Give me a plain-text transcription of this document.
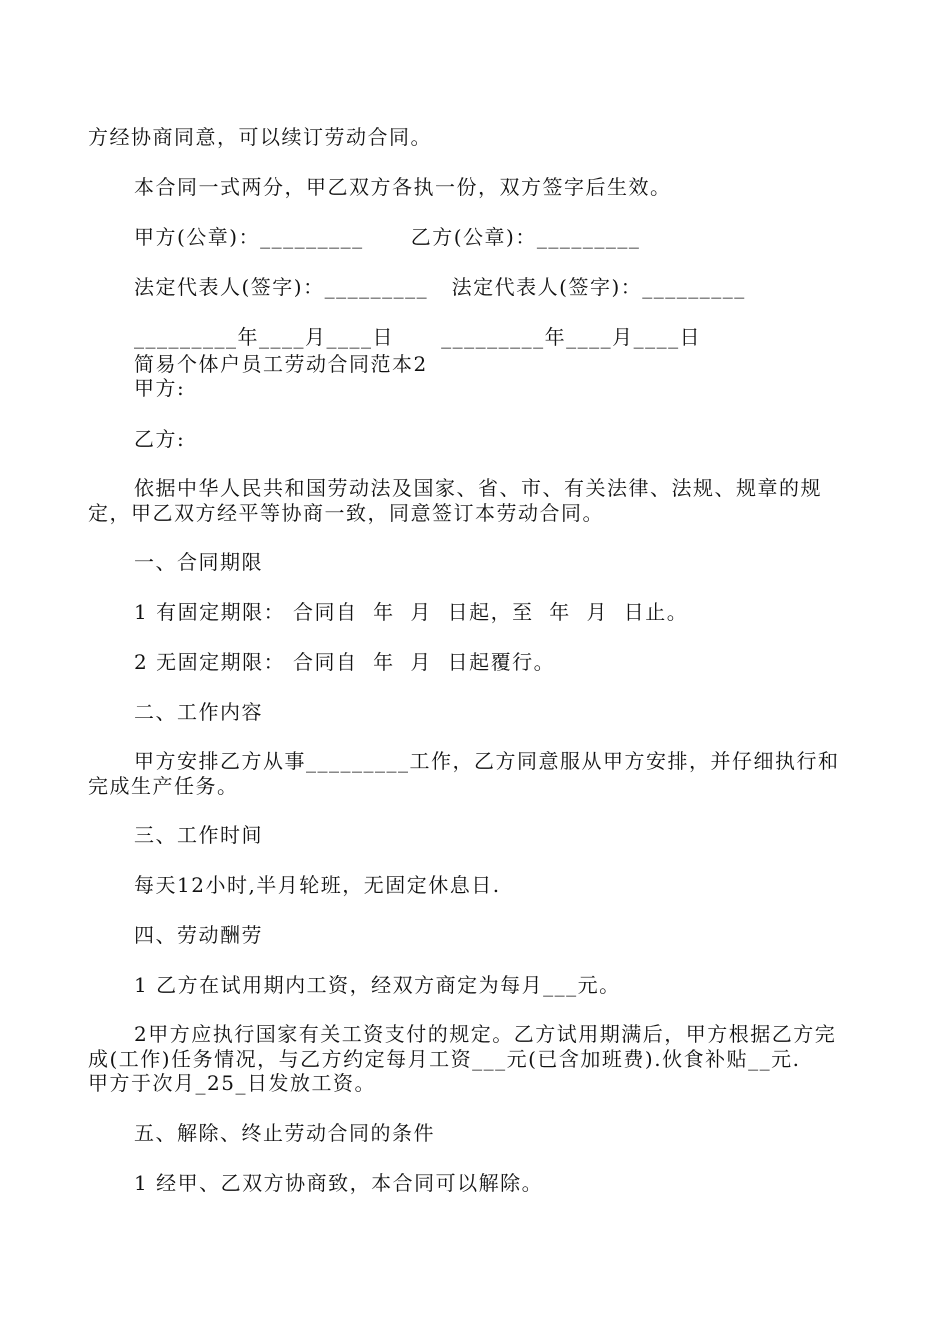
方经协商同意，可以续订劳动合同。
本合同一式两分，甲乙双方各执一份，双方签字后生效。
甲方(公章)：_________      乙方(公章)：_________
法定代表人(签字)：_________   法定代表人(签字)：_________
_________年____月____日      _________年____月____日
简易个体户员工劳动合同范本2
甲方:
乙方:
依据中华人民共和国劳动法及国家、省、市、有关法律、法规、规章的规
定，甲乙双方经平等协商一致，同意签订本劳动合同。
一、合同期限
1 有固定期限： 合同自  年  月  日起，至  年  月  日止。
2 无固定期限： 合同自  年  月  日起覆行。
二、工作内容
甲方安排乙方从事_________工作，乙方同意服从甲方安排，并仔细执行和
完成生产任务。
三、工作时间
每天12小时,半月轮班，无固定休息日.
四、劳动酬劳
1 乙方在试用期内工资，经双方商定为每月___元。
2甲方应执行国家有关工资支付的规定。乙方试用期满后，甲方根据乙方完
成(工作)任务情况，与乙方约定每月工资___元(已含加班费).伙食补贴__元.
甲方于次月_25_日发放工资。
五、解除、终止劳动合同的条件
1 经甲、乙双方协商致，本合同可以解除。
